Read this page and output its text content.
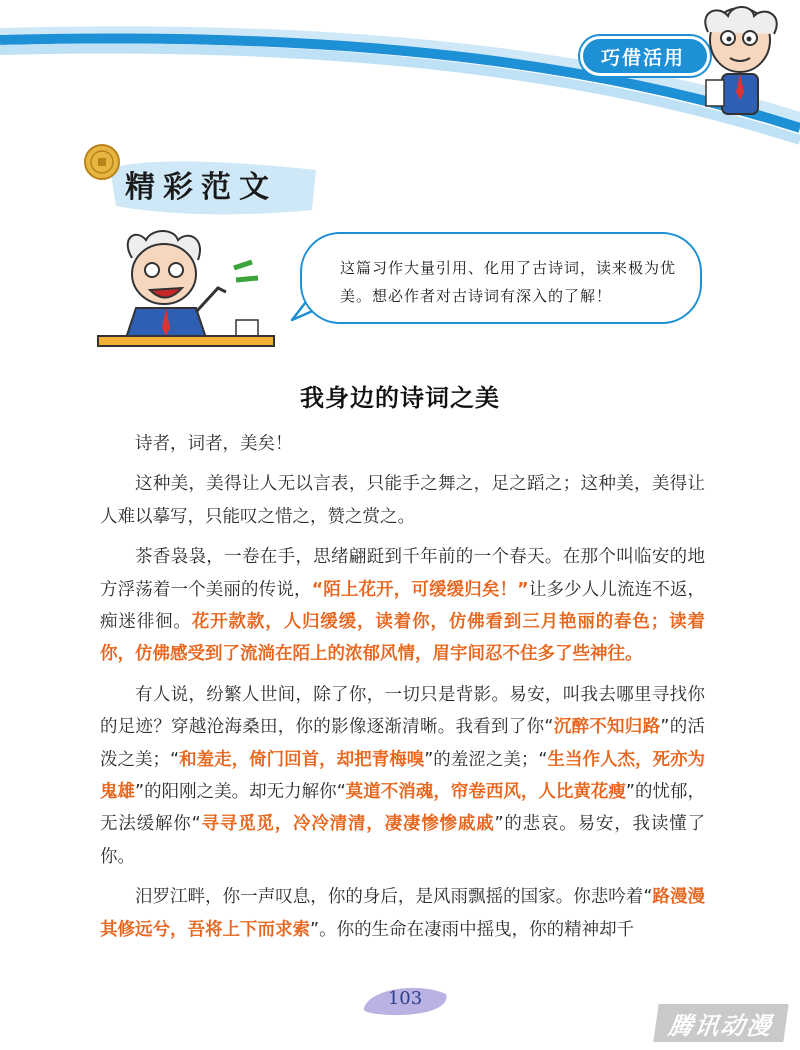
巧借活用
精彩范文
这篇习作大量引用、化用了古诗词，读来极为优美。想必作者对古诗词有深入的了解！
我身边的诗词之美

诗者，词者，美矣！

这种美，美得让人无以言表，只能手之舞之，足之蹈之；这种美，美得让人难以摹写，只能叹之惜之，赞之赏之。

茶香袅袅，一卷在手，思绪翩跹到千年前的一个春天。在那个叫临安的地方浮荡着一个美丽的传说，“陌上花开，可缓缓归矣！”让多少人儿流连不返，痴迷徘徊。花开款款，人归缓缓，读着你，仿佛看到三月艳丽的春色；读着你，仿佛感受到了流淌在陌上的浓郁风情，眉宇间忍不住多了些神往。

有人说，纷繁人世间，除了你，一切只是背影。易安，叫我去哪里寻找你的足迹？穿越沧海桑田，你的影像逐渐清晰。我看到了你“沉醉不知归路”的活泼之美；“和羞走，倚门回首，却把青梅嗅”的羞涩之美；“生当作人杰，死亦为鬼雄”的阳刚之美。却无力解你“莫道不消魂，帘卷西风，人比黄花瘦”的忧郁，无法缓解你“寻寻觅觅，冷冷清清，凄凄惨惨戚戚”的悲哀。易安，我读懂了你。

汨罗江畔，你一声叹息，你的身后，是风雨飘摇的国家。你悲吟着“路漫漫其修远兮，吾将上下而求索”。你的生命在凄雨中摇曳，你的精神却千

103
腾讯动漫
